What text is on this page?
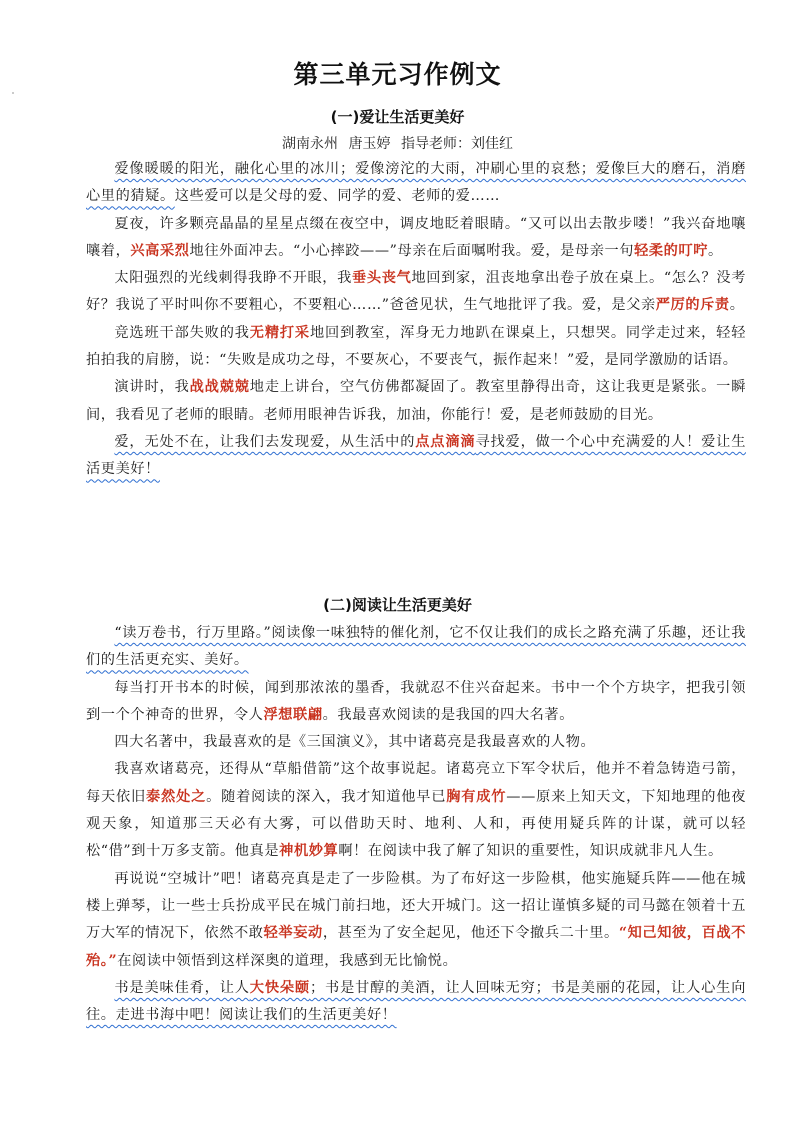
第三单元习作例文
(一)爱让生活更美好
湖南永州 唐玉婷 指导老师：刘佳红

爱像暖暖的阳光，融化心里的冰川；爱像滂沱的大雨，冲刷心里的哀愁；爱像巨大的磨石，消磨心里的猜疑。这些爱可以是父母的爱、同学的爱、老师的爱……

夏夜，许多颗亮晶晶的星星点缀在夜空中，调皮地眨着眼睛。“又可以出去散步喽！”我兴奋地嚷嚷着，兴高采烈地往外面冲去。“小心摔跤——”母亲在后面嘱咐我。爱，是母亲一句轻柔的叮咛。

太阳强烈的光线刺得我睁不开眼，我垂头丧气地回到家，沮丧地拿出卷子放在桌上。“怎么？没考好？我说了平时叫你不要粗心，不要粗心……”爸爸见状，生气地批评了我。爱，是父亲严厉的斥责。

竞选班干部失败的我无精打采地回到教室，浑身无力地趴在课桌上，只想哭。同学走过来，轻轻拍拍我的肩膀，说：“失败是成功之母，不要灰心，不要丧气，振作起来！”爱，是同学激励的话语。

演讲时，我战战兢兢地走上讲台，空气仿佛都凝固了。教室里静得出奇，这让我更是紧张。一瞬间，我看见了老师的眼睛。老师用眼神告诉我，加油，你能行！爱，是老师鼓励的目光。

爱，无处不在，让我们去发现爱，从生活中的点点滴滴寻找爱，做一个心中充满爱的人！爱让生活更美好！

(二)阅读让生活更美好

“读万卷书，行万里路。”阅读像一味独特的催化剂，它不仅让我们的成长之路充满了乐趣，还让我们的生活更充实、美好。

每当打开书本的时候，闻到那浓浓的墨香，我就忍不住兴奋起来。书中一个个方块字，把我引领到一个个神奇的世界，令人浮想联翩。我最喜欢阅读的是我国的四大名著。

四大名著中，我最喜欢的是《三国演义》，其中诸葛亮是我最喜欢的人物。

我喜欢诸葛亮，还得从“草船借箭”这个故事说起。诸葛亮立下军令状后，他并不着急铸造弓箭，每天依旧泰然处之。随着阅读的深入，我才知道他早已胸有成竹——原来上知天文，下知地理的他夜观天象，知道那三天必有大雾，可以借助天时、地利、人和，再使用疑兵阵的计谋，就可以轻松“借”到十万多支箭。他真是神机妙算啊！在阅读中我了解了知识的重要性，知识成就非凡人生。

再说说“空城计”吧！诸葛亮真是走了一步险棋。为了布好这一步险棋，他实施疑兵阵——他在城楼上弹琴，让一些士兵扮成平民在城门前扫地，还大开城门。这一招让谨慎多疑的司马懿在领着十五万大军的情况下，依然不敢轻举妄动，甚至为了安全起见，他还下令撤兵二十里。“知己知彼，百战不殆。”在阅读中领悟到这样深奥的道理，我感到无比愉悦。

书是美味佳肴，让人大快朵颐；书是甘醇的美酒，让人回味无穷；书是美丽的花园，让人心生向往。走进书海中吧！阅读让我们的生活更美好！
